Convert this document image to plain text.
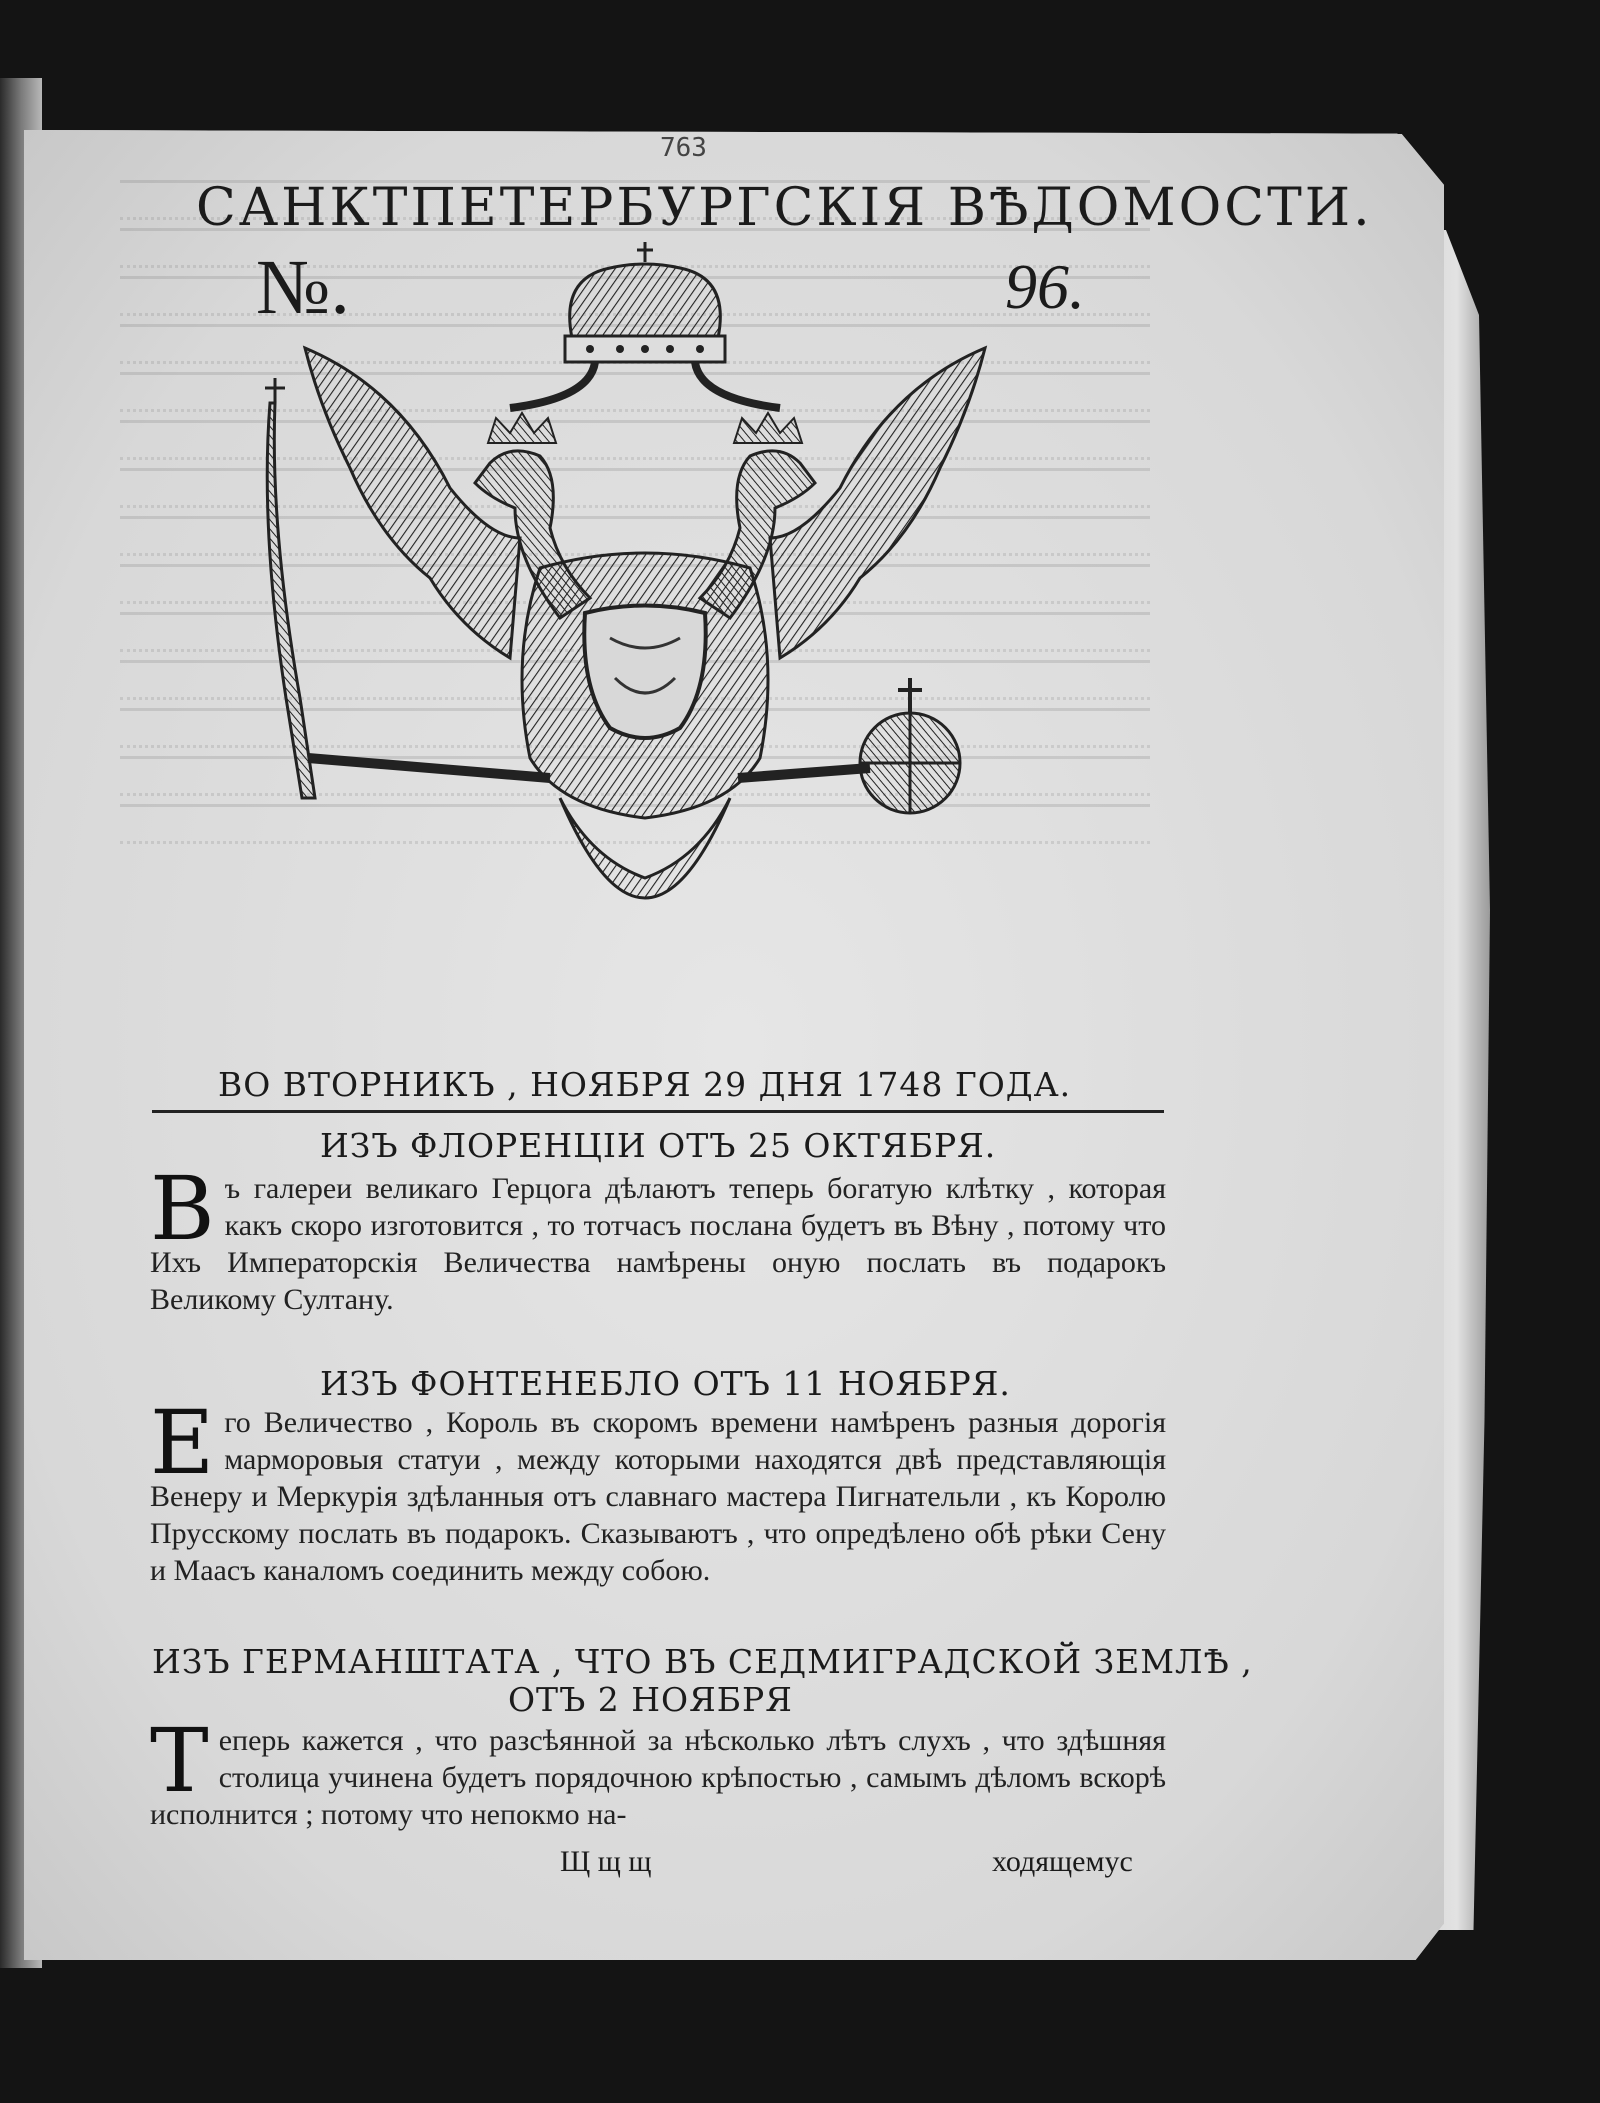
763
САНКТПЕТЕРБУРГСКІЯ ВѢДОМОСТИ.
№.	96.
ВО ВТОРНИКЪ , НОЯБРЯ 29 ДНЯ 1748 ГОДА.
ИЗЪ ФЛОРЕНЦІИ ОТЪ 25 ОКТЯБРЯ.
В ъ галереи великаго Герцога дѣлаютъ теперь богатую клѣтку , которая какъ скоро изготовится , то тотчасъ послана будетъ въ Вѣну , потому что Ихъ Императорскія Величества намѣрены оную послать въ подарокъ Великому Султану.
ИЗЪ ФОНТЕНЕБЛО ОТЪ 11 НОЯБРЯ.
Е го Величество , Король въ скоромъ времени намѣренъ разныя дорогія марморовыя статуи , между которыми находятся двѣ представляющія Венеру и Меркурія здѣланныя отъ славнаго мастера Пигнательли , къ Королю Прусскому послать въ подарокъ. Сказываютъ , что опредѣлено обѣ рѣки Сену и Маасъ каналомъ соединить между собою.
ИЗЪ ГЕРМАНШТАТА , ЧТО ВЪ СЕДМИГРАДСКОЙ ЗЕМЛѢ ,
ОТЪ 2 НОЯБРЯ
Т еперь кажется , что разсѣянной за нѣсколько лѣтъ слухъ , что здѣшняя столица учинена будетъ порядочною крѣпостью , самымъ дѣломъ вскорѣ исполнится ; потому что непокмо на-
Щ щ щ	ходящемус
